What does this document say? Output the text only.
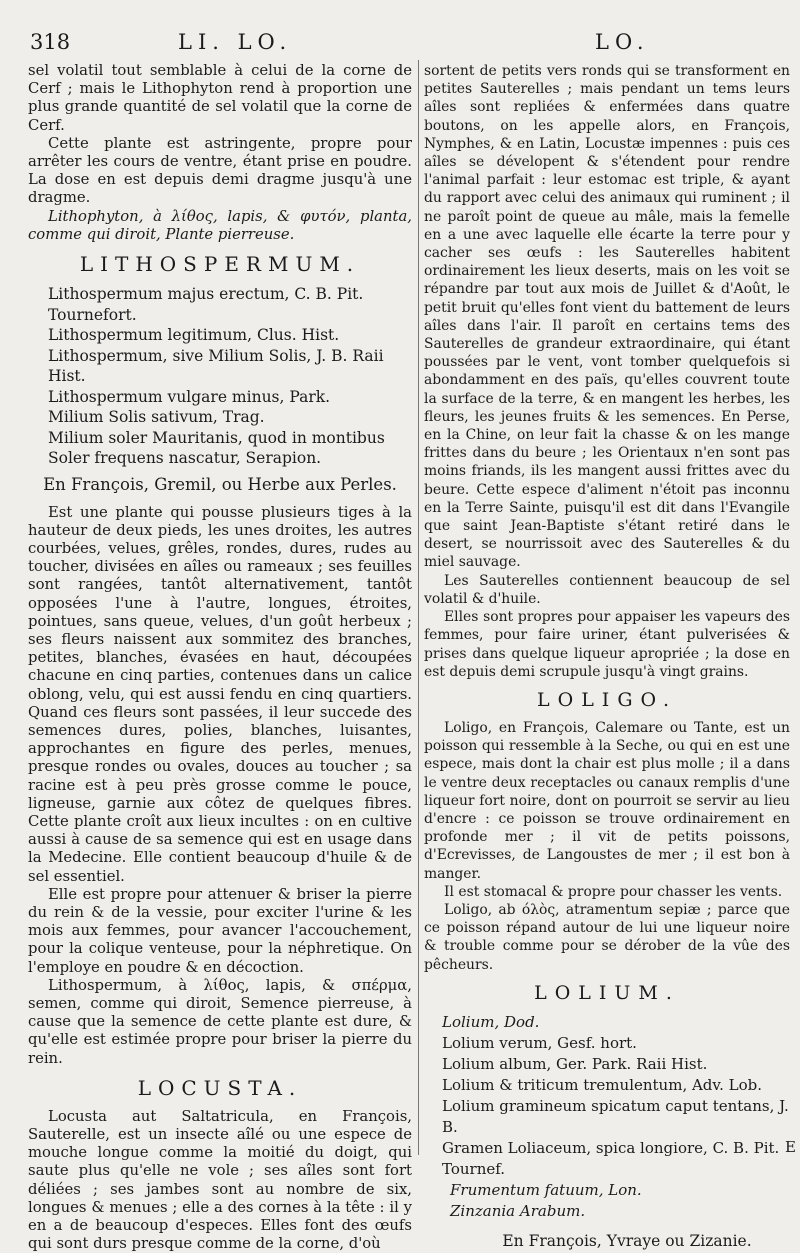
318	LI. LO.	LO.

sel volatil tout semblable à celui de la corne de Cerf ; mais le Lithophyton rend à proportion une plus grande quantité de sel volatil que la corne de Cerf.

Cette plante est astringente, propre pour arrêter les cours de ventre, étant prise en poudre. La dose en est depuis demi dragme jusqu'à une dragme.

Lithophyton, à λίθος, lapis, & φυτόν, planta, comme qui diroit, Plante pierreuse.

LITHOSPERMUM.
Lithospermum majus erectum, C. B. Pit. Tournefort.
Lithospermum legitimum, Clus. Hist.
Lithospermum, sive Milium Solis, J. B. Raii Hist.
Lithospermum vulgare minus, Park.
Milium Solis sativum, Trag.
Milium soler Mauritanis, quod in montibus Soler frequens nascatur, Serapion.
En François, Gremil, ou Herbe aux Perles.

Est une plante qui pousse plusieurs tiges à la hauteur de deux pieds, les unes droites, les autres courbées, velues, grêles, rondes, dures, rudes au toucher, divisées en aîles ou rameaux ; ses feuilles sont rangées, tantôt alternativement, tantôt opposées l'une à l'autre, longues, étroites, pointues, sans queue, velues, d'un goût herbeux ; ses fleurs naissent aux sommitez des branches, petites, blanches, évasées en haut, découpées chacune en cinq parties, contenues dans un calice oblong, velu, qui est aussi fendu en cinq quartiers. Quand ces fleurs sont passées, il leur succede des semences dures, polies, blanches, luisantes, approchantes en figure des perles, menues, presque rondes ou ovales, douces au toucher ; sa racine est à peu près grosse comme le pouce, ligneuse, garnie aux côtez de quelques fibres. Cette plante croît aux lieux incultes : on en cultive aussi à cause de sa semence qui est en usage dans la Medecine. Elle contient beaucoup d'huile & de sel essentiel.

Elle est propre pour attenuer & briser la pierre du rein & de la vessie, pour exciter l'urine & les mois aux femmes, pour avancer l'accouchement, pour la colique venteuse, pour la néphretique. On l'employe en poudre & en décoction.

Lithospermum, à λίθος, lapis, & σπέρμα, semen, comme qui diroit, Semence pierreuse, à cause que la semence de cette plante est dure, & qu'elle est estimée propre pour briser la pierre du rein.

LOCUSTA.

Locusta aut Saltatricula, en François, Sauterelle, est un insecte aîlé ou une espece de mouche longue comme la moitié du doigt, qui saute plus qu'elle ne vole ; ses aîles sont fort déliées ; ses jambes sont au nombre de six, longues & menues ; elle a des cornes à la tête : il y en a de beaucoup d'especes. Elles font des œufs qui sont durs presque comme de la corne, d'où

sortent de petits vers ronds qui se transforment en petites Sauterelles ; mais pendant un tems leurs aîles sont repliées & enfermées dans quatre boutons, on les appelle alors, en François, Nymphes, & en Latin, Locustæ impennes : puis ces aîles se dévelopent & s'étendent pour rendre l'animal parfait : leur estomac est triple, & ayant du rapport avec celui des animaux qui ruminent ; il ne paroît point de queue au mâle, mais la femelle en a une avec laquelle elle écarte la terre pour y cacher ses œufs : les Sauterelles habitent ordinairement les lieux deserts, mais on les voit se répandre par tout aux mois de Juillet & d'Août, le petit bruit qu'elles font vient du battement de leurs aîles dans l'air. Il paroît en certains tems des Sauterelles de grandeur extraordinaire, qui étant poussées par le vent, vont tomber quelquefois si abondamment en des païs, qu'elles couvrent toute la surface de la terre, & en mangent les herbes, les fleurs, les jeunes fruits & les semences. En Perse, en la Chine, on leur fait la chasse & on les mange frittes dans du beure ; les Orientaux n'en sont pas moins friands, ils les mangent aussi frittes avec du beure. Cette espece d'aliment n'étoit pas inconnu en la Terre Sainte, puisqu'il est dit dans l'Evangile que saint Jean-Baptiste s'étant retiré dans le desert, se nourrissoit avec des Sauterelles & du miel sauvage.

Les Sauterelles contiennent beaucoup de sel volatil & d'huile.

Elles sont propres pour appaiser les vapeurs des femmes, pour faire uriner, étant pulverisées & prises dans quelque liqueur apropriée ; la dose en est depuis demi scrupule jusqu'à vingt grains.

LOLIGO.

Loligo, en François, Calemare ou Tante, est un poisson qui ressemble à la Seche, ou qui en est une espece, mais dont la chair est plus molle ; il a dans le ventre deux receptacles ou canaux remplis d'une liqueur fort noire, dont on pourroit se servir au lieu d'encre : ce poisson se trouve ordinairement en profonde mer ; il vit de petits poissons, d'Ecrevisses, de Langoustes de mer ; il est bon à manger.

Il est stomacal & propre pour chasser les vents.

Loligo, ab όλὸς, atramentum sepiæ ; parce que ce poisson répand autour de lui une liqueur noire & trouble comme pour se dérober de la vûe des pêcheurs.

LOLIUM.
Lolium, Dod.
Lolium verum, Gesf. hort.
Lolium album, Ger. Park. Raii Hist.
Lolium & triticum tremulentum, Adv. Lob.
Lolium gramineum spicatum caput tentans, J. B.
Gramen Loliaceum, spica longiore, C. B. Pit. Tournef.
Frumentum fatuum, Lon.
Zinzania Arabum.
En François, Yvraye ou Zizanie.
E
